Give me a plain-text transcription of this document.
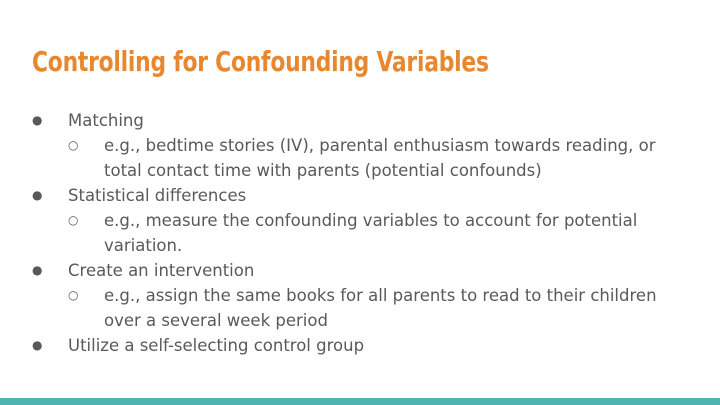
Controlling for Confounding Variables
●	Matching
○	e.g., bedtime stories (IV), parental enthusiasm towards reading, or total contact time with parents (potential confounds)
●	Statistical differences
○	e.g., measure the confounding variables to account for potential variation.
●	Create an intervention
○	e.g., assign the same books for all parents to read to their children over a several week period
●	Utilize a self-selecting control group
